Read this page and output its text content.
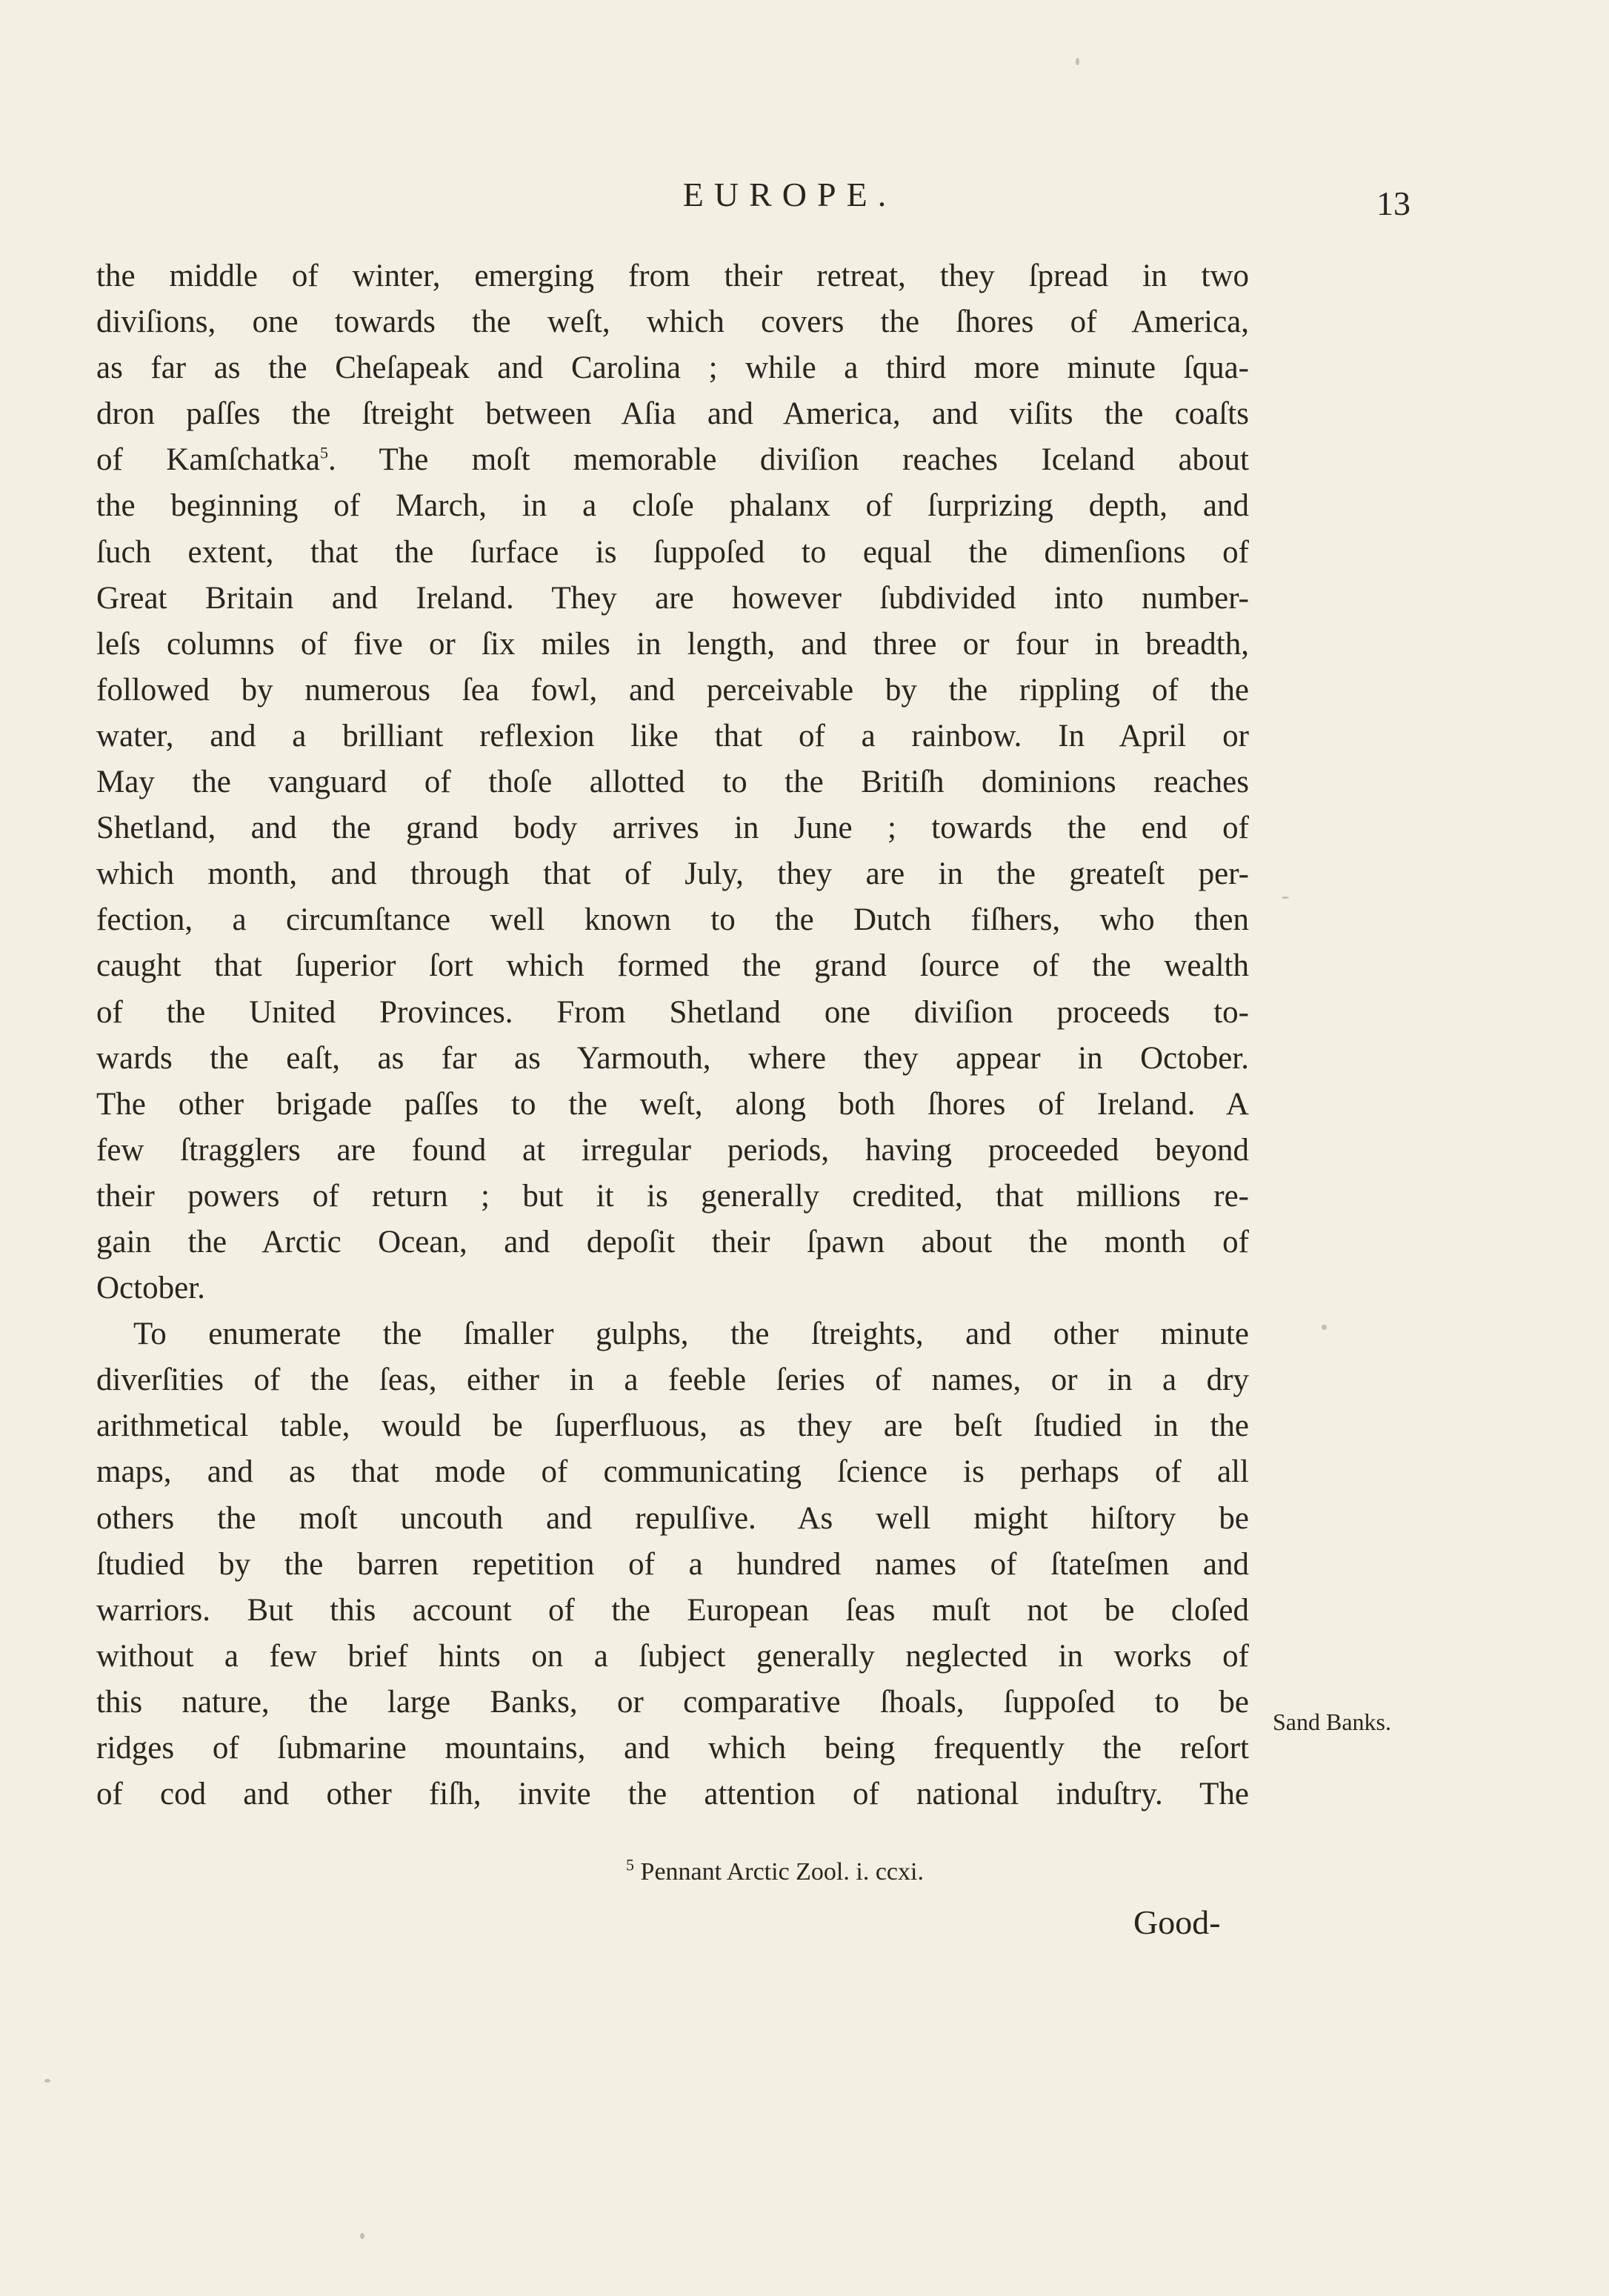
EUROPE.	13
the middle of winter, emerging from their retreat, they ſpread in two
diviſions, one towards the weſt, which covers the ſhores of America,
as far as the Cheſapeak and Carolina ; while a third more minute ſqua-
dron paſſes the ſtreight between Aſia and America, and viſits the coaſts
of Kamſchatka$^5$. The moſt memorable diviſion reaches Iceland about
the beginning of March, in a cloſe phalanx of ſurprizing depth, and
ſuch extent, that the ſurface is ſuppoſed to equal the dimenſions of
Great Britain and Ireland. They are however ſubdivided into number-
leſs columns of five or ſix miles in length, and three or four in breadth,
followed by numerous ſea fowl, and perceivable by the rippling of the
water, and a brilliant reflexion like that of a rainbow. In April or
May the vanguard of thoſe allotted to the Britiſh dominions reaches
Shetland, and the grand body arrives in June ; towards the end of
which month, and through that of July, they are in the greateſt per-
fection, a circumſtance well known to the Dutch fiſhers, who then
caught that ſuperior ſort which formed the grand ſource of the wealth
of the United Provinces. From Shetland one diviſion proceeds to-
wards the eaſt, as far as Yarmouth, where they appear in October.
The other brigade paſſes to the weſt, along both ſhores of Ireland. A
few ſtragglers are found at irregular periods, having proceeded beyond
their powers of return ; but it is generally credited, that millions re-
gain the Arctic Ocean, and depoſit their ſpawn about the month of
October.
To enumerate the ſmaller gulphs, the ſtreights, and other minute
diverſities of the ſeas, either in a feeble ſeries of names, or in a dry
arithmetical table, would be ſuperfluous, as they are beſt ſtudied in the
maps, and as that mode of communicating ſcience is perhaps of all
others the moſt uncouth and repulſive. As well might hiſtory be
ſtudied by the barren repetition of a hundred names of ſtateſmen and
warriors. But this account of the European ſeas muſt not be cloſed
without a few brief hints on a ſubject generally neglected in works of
this nature, the large Banks, or comparative ſhoals, ſuppoſed to be
ridges of ſubmarine mountains, and which being frequently the reſort
of cod and other fiſh, invite the attention of national induſtry. The
Sand Banks.
$^5$ Pennant Arctic Zool. i. ccxi.
Good-
